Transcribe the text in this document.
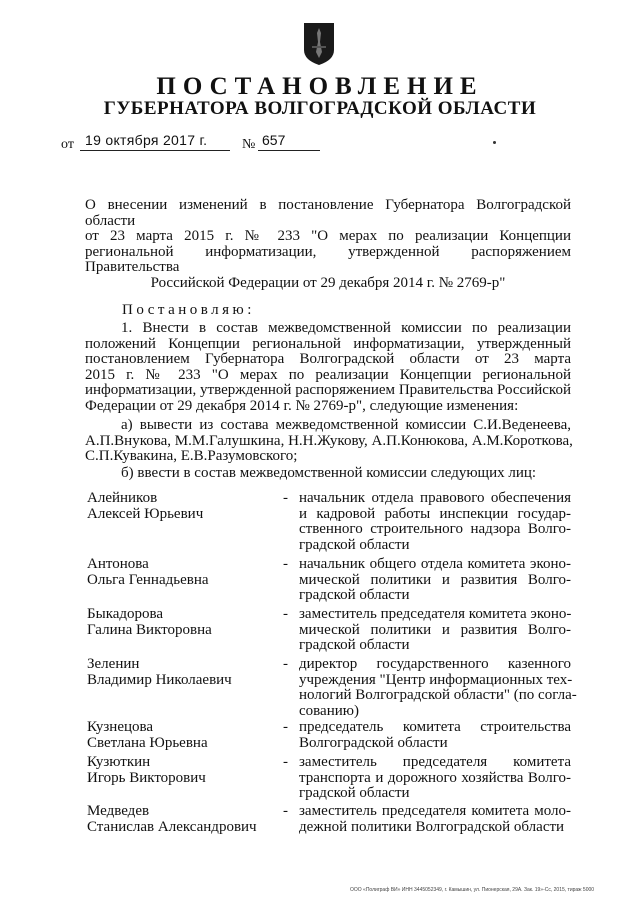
ПОСТАНОВЛЕНИЕ
ГУБЕРНАТОРА ВОЛГОГРАДСКОЙ ОБЛАСТИ
от 19 октября 2017 г. № 657
О внесении изменений в постановление Губернатора Волгоградской области
от 23 марта 2015 г. № 233 "О мерах по реализации Концепции
региональной информатизации, утвержденной распоряжением Правительства
Российской Федерации от 29 декабря 2014 г. № 2769-р"
Постановляю:
1. Внести в состав межведомственной комиссии по реализации
положений Концепции региональной информатизации, утвержденный
постановлением Губернатора Волгоградской области от 23 марта
2015 г. № 233 "О мерах по реализации Концепции региональной
информатизации, утвержденной распоряжением Правительства Российской
Федерации от 29 декабря 2014 г. № 2769-р", следующие изменения:
а) вывести из состава межведомственной комиссии С.И.Веденеева,
А.П.Внукова, М.М.Галушкина, Н.Н.Жукову, А.П.Конюкова, А.М.Короткова,
С.П.Кувакина, Е.В.Разумовского;
б) ввести в состав межведомственной комиссии следующих лиц:
Алейников
Алексей Юрьевич
- начальник отдела правового обеспечения
и кадровой работы инспекции государ-
ственного строительного надзора Волго-
градской области
Антонова
Ольга Геннадьевна
- начальник общего отдела комитета эконо-
мической политики и развития Волго-
градской области
Быкадорова
Галина Викторовна
- заместитель председателя комитета эконо-
мической политики и развития Волго-
градской области
Зеленин
Владимир Николаевич
- директор государственного казенного
учреждения "Центр информационных тех-
нологий Волгоградской области" (по согла-
сованию)
Кузнецова
Светлана Юрьевна
- председатель комитета строительства
Волгоградской области
Кузюткин
Игорь Викторович
- заместитель председателя комитета
транспорта и дорожного хозяйства Волго-
градской области
Медведев
Станислав Александрович
- заместитель председателя комитета моло-
дежной политики Волгоградской области
ООО «Полиграф ВИ» ИНН 3445052349, г. Камышин, ул. Пионерская, 29А. Зак. 19»-Сс, 2015, тираж 5000
